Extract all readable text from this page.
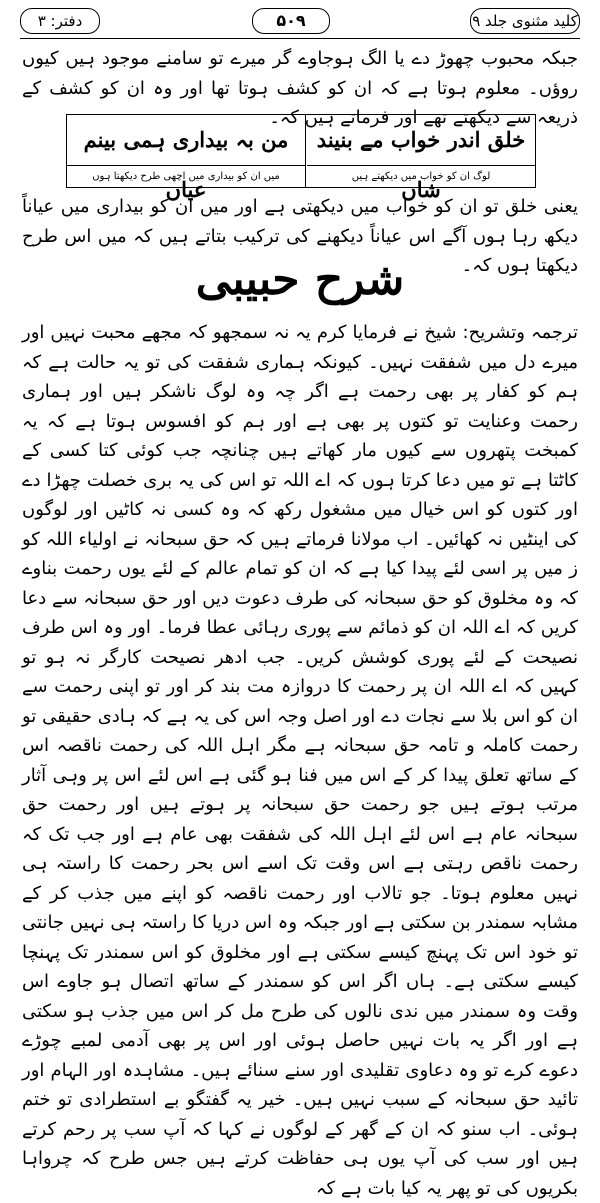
کلید مثنوی جلد ۹
۵۰۹
دفتر: ۳

جبکہ محبوب چھوڑ دے یا الگ ہوجاوے گر میرے تو سامنے موجود ہیں کیوں روؤں۔ معلوم ہوتا ہے کہ ان کو کشف ہوتا تھا اور وہ ان کو کشف کے ذریعہ سے دیکھتے تھے اور فرماتے ہیں کہ۔

خلق اندر خواب مے بنیند شاں
من بہ بیداری ہمی بینم عیاں
لوگ ان کو خواب میں دیکھتے ہیں
میں ان کو بیداری میں اچھی طرح دیکھتا ہوں

یعنی خلق تو ان کو خواب میں دیکھتی ہے اور میں ان کو بیداری میں عیاناً دیکھ رہا ہوں آگے اس عیاناً دیکھنے کی ترکیب بتاتے ہیں کہ میں اس طرح دیکھتا ہوں کہ۔

شرح حبیبی

ترجمہ وتشریح: شیخ نے فرمایا کرم یہ نہ سمجھو کہ مجھے محبت نہیں اور میرے دل میں شفقت نہیں۔ کیونکہ ہماری شفقت کی تو یہ حالت ہے کہ ہم کو کفار پر بھی رحمت ہے اگر چہ وہ لوگ ناشکر ہیں اور ہماری رحمت وعنایت تو کتوں پر بھی ہے اور ہم کو افسوس ہوتا ہے کہ یہ کمبخت پتھروں سے کیوں مار کھاتے ہیں چنانچہ جب کوئی کتا کسی کے کاٹتا ہے تو میں دعا کرتا ہوں کہ اے اللہ تو اس کی یہ بری خصلت چھڑا دے اور کتوں کو اس خیال میں مشغول رکھ کہ وہ کسی نہ کاٹیں اور لوگوں کی اینٹیں نہ کھائیں۔ اب مولانا فرماتے ہیں کہ حق سبحانہ نے اولیاء اللہ کو ز میں پر اسی لئے پیدا کیا ہے کہ ان کو تمام عالم کے لئے یوں رحمت بناوے کہ وہ مخلوق کو حق سبحانہ کی طرف دعوت دیں اور حق سبحانہ سے دعا کریں کہ اے اللہ ان کو ذمائم سے پوری رہائی عطا فرما۔ اور وہ اس طرف نصیحت کے لئے پوری کوشش کریں۔ جب ادھر نصیحت کارگر نہ ہو تو کہیں کہ اے اللہ ان پر رحمت کا دروازہ مت بند کر اور تو اپنی رحمت سے ان کو اس بلا سے نجات دے اور اصل وجہ اس کی یہ ہے کہ ہادی حقیقی تو رحمت کاملہ و تامہ حق سبحانہ ہے مگر اہل اللہ کی رحمت ناقصہ اس کے ساتھ تعلق پیدا کر کے اس میں فنا ہو گئی ہے اس لئے اس پر وہی آثار مرتب ہوتے ہیں جو رحمت حق سبحانہ پر ہوتے ہیں اور رحمت حق سبحانہ عام ہے اس لئے اہل اللہ کی شفقت بھی عام ہے اور جب تک کہ رحمت ناقص رہتی ہے اس وقت تک اسے اس بحر رحمت کا راستہ ہی نہیں معلوم ہوتا۔ جو تالاب اور رحمت ناقصہ کو اپنے میں جذب کر کے مشابہ سمندر بن سکتی ہے اور جبکہ وہ اس دریا کا راستہ ہی نہیں جانتی تو خود اس تک پہنچ کیسے سکتی ہے اور مخلوق کو اس سمندر تک پہنچا کیسے سکتی ہے۔ ہاں اگر اس کو سمندر کے ساتھ اتصال ہو جاوے اس وقت وہ سمندر میں ندی نالوں کی طرح مل کر اس میں جذب ہو سکتی ہے اور اگر یہ بات نہیں حاصل ہوئی اور اس پر بھی آدمی لمبے چوڑے دعوے کرے تو وہ دعاوی تقلیدی اور سنے سنائے ہیں۔ مشاہدہ اور الہام اور تائید حق سبحانہ کے سبب نہیں ہیں۔ خیر یہ گفتگو بے استطرادی تو ختم ہوئی۔ اب سنو کہ ان کے گھر کے لوگوں نے کہا کہ آپ سب پر رحم کرتے ہیں اور سب کی آپ یوں ہی حفاظت کرتے ہیں جس طرح کہ چرواہا بکریوں کی تو پھر یہ کیا بات ہے کہ
